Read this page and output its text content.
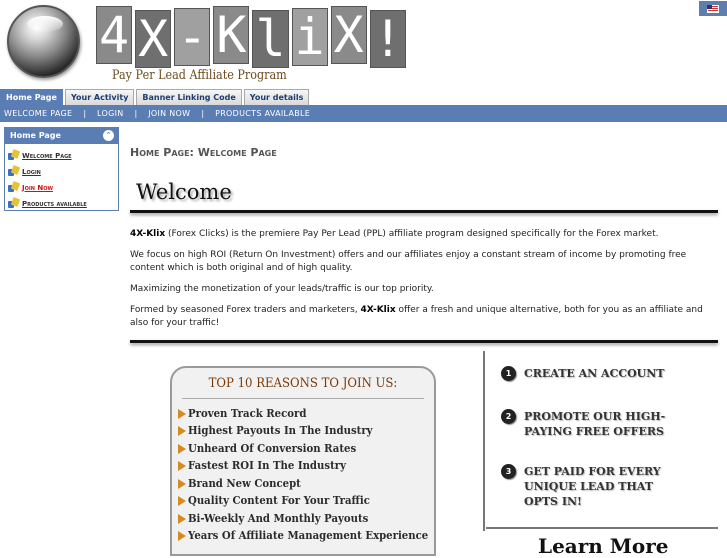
4 X - K l i X !
Pay Per Lead Affiliate Program
Home Page	Your Activity	Banner Linking Code	Your details
WELCOME PAGE | LOGIN | JOIN NOW | PRODUCTS AVAILABLE
Home Page	⌃
Welcome Page
Login
Join Now
Products available
Home Page: Welcome Page
Welcome
4X-Klix (Forex Clicks) is the premiere Pay Per Lead (PPL) affiliate program designed specifically for the Forex market.
We focus on high ROI (Return On Investment) offers and our affiliates enjoy a constant stream of income by promoting free content which is both original and of high quality.
Maximizing the monetization of your leads/traffic is our top priority.
Formed by seasoned Forex traders and marketers, 4X-Klix offer a fresh and unique alternative, both for you as an affiliate and also for your traffic!
TOP 10 REASONS TO JOIN US:
Proven Track Record
Highest Payouts In The Industry
Unheard Of Conversion Rates
Fastest ROI In The Industry
Brand New Concept
Quality Content For Your Traffic
Bi-Weekly And Monthly Payouts
Years Of Affiliate Management Experience
1	CREATE AN ACCOUNT
2	PROMOTE OUR HIGH-
PAYING FREE OFFERS
3	GET PAID FOR EVERY
UNIQUE LEAD THAT
OPTS IN!
Learn More
